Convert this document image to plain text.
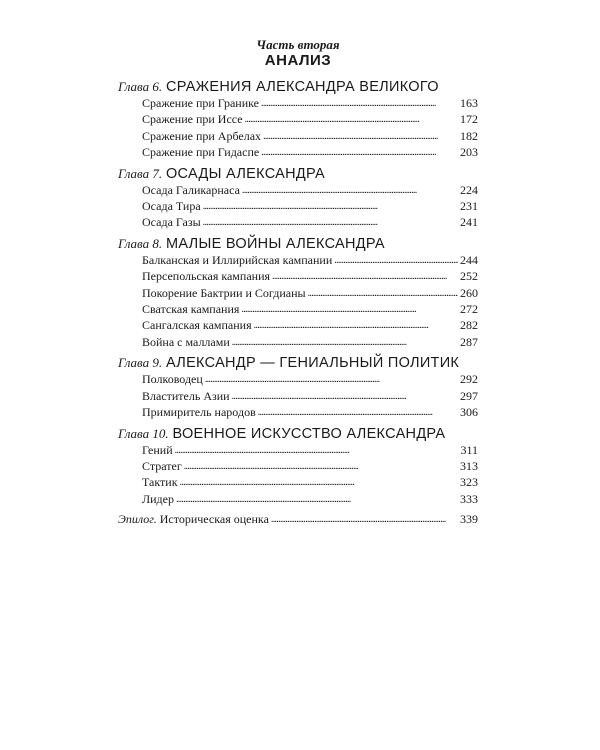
Часть вторая
АНАЛИЗ
Глава 6. СРАЖЕНИЯ АЛЕКСАНДРА ВЕЛИКОГО
Сражение при Гранике . . .	163
Сражение при Иссе . . .	172
Сражение при Арбелах . . .	182
Сражение при Гидаспе . . .	203
Глава 7. ОСАДЫ АЛЕКСАНДРА
Осада Галикарнаса . . .	224
Осада Тира . . .	231
Осада Газы . . .	241
Глава 8. МАЛЫЕ ВОЙНЫ АЛЕКСАНДРА
Балканская и Иллирийская кампании . . .	244
Персепольская кампания . . .	252
Покорение Бактрии и Согдианы . . .	260
Сватская кампания . . .	272
Сангалская кампания . . .	282
Война с маллами . . .	287
Глава 9. АЛЕКСАНДР — ГЕНИАЛЬНЫЙ ПОЛИТИК
Полководец . . .	292
Властитель Азии . . .	297
Примиритель народов . . .	306
Глава 10. ВОЕННОЕ ИСКУССТВО АЛЕКСАНДРА
Гений . . .	311
Стратег . . .	313
Тактик . . .	323
Лидер . . .	333
Эпилог. Историческая оценка . . .	339
